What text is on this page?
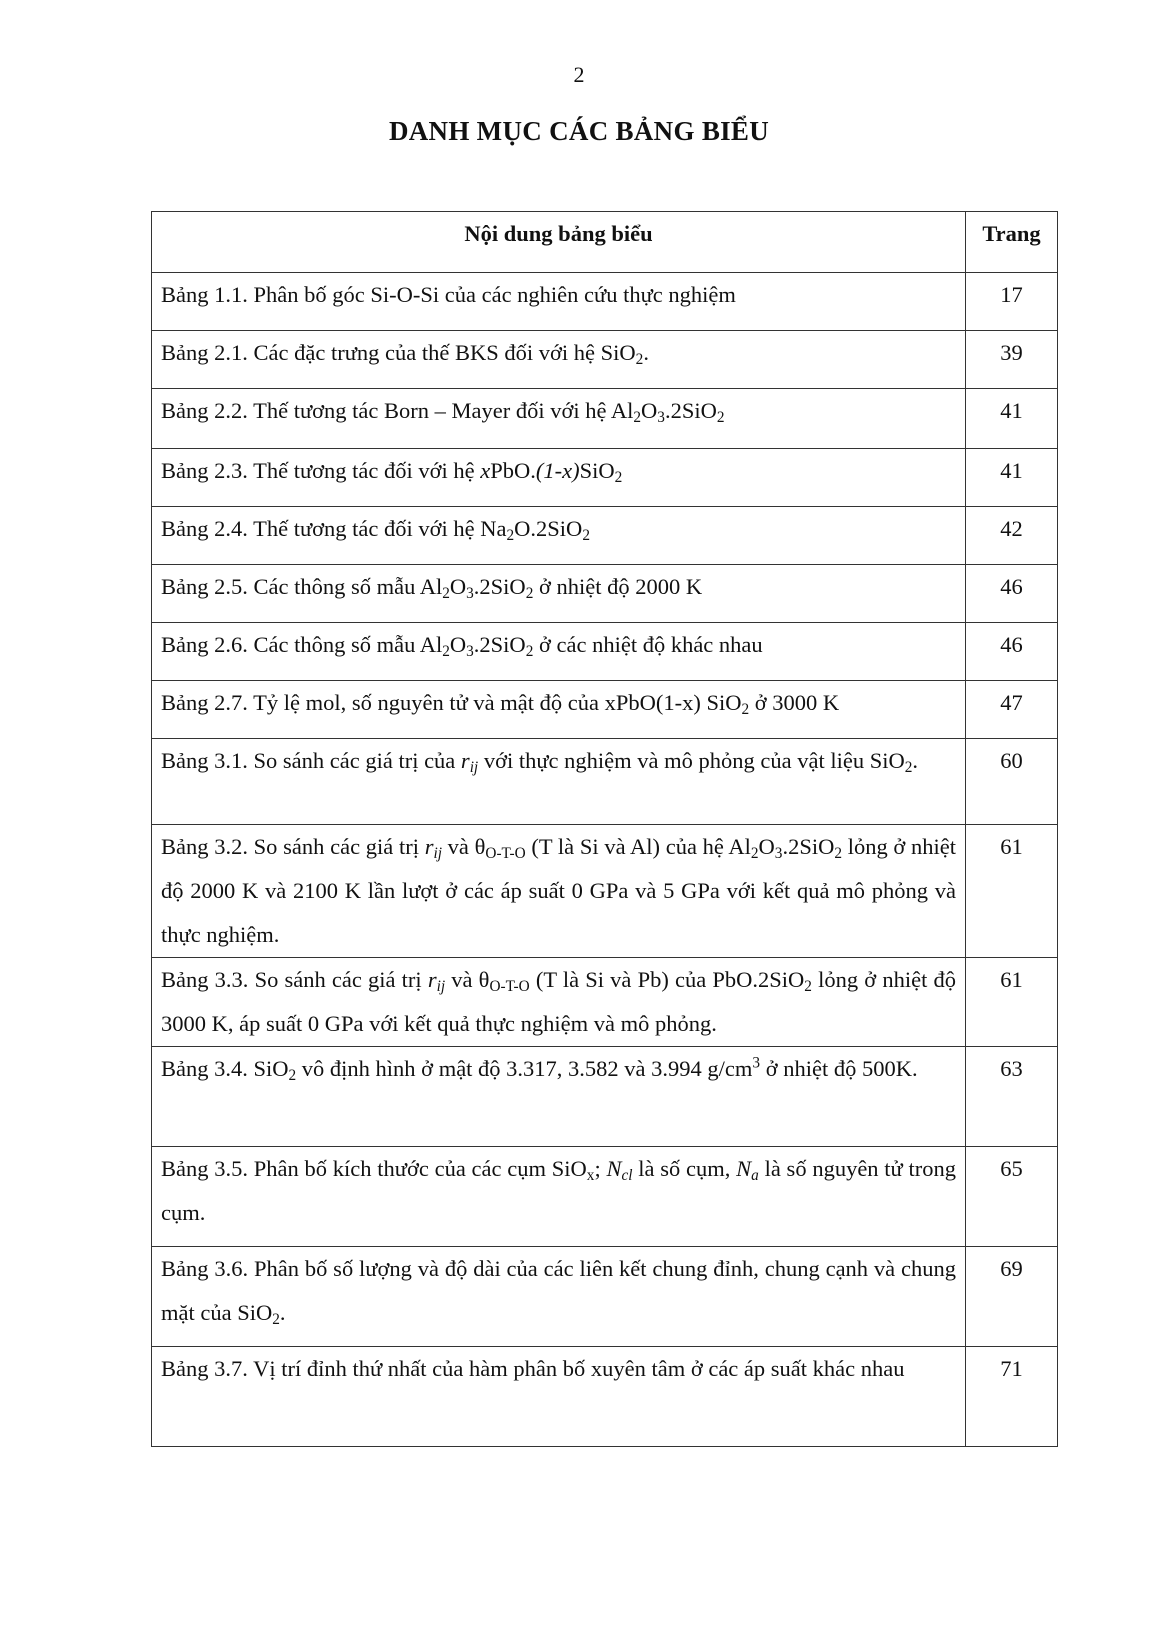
2
DANH MỤC CÁC BẢNG BIỂU
Nội dung bảng biểu	Trang
Bảng 1.1. Phân bố góc Si-O-Si của các nghiên cứu thực nghiệm	17
Bảng 2.1. Các đặc trưng của thế BKS đối với hệ SiO$_2$.	39
Bảng 2.2. Thế tương tác Born – Mayer đối với hệ $Al_2O_3.2SiO_2$	41
Bảng 2.3. Thế tương tác đối với hệ xPbO.(1-x)SiO$_2$	41
Bảng 2.4. Thế tương tác đối với hệ $Na_2O.2SiO_2$	42
Bảng 2.5. Các thông số mẫu $Al_2O_3.2SiO_2$ ở nhiệt độ 2000 K	46
Bảng 2.6. Các thông số mẫu $Al_2O_3.2SiO_2$ ở các nhiệt độ khác nhau	46
Bảng 2.7. Tỷ lệ mol, số nguyên tử và mật độ của xPbO(1-x) SiO$_2$ ở 3000 K	47
Bảng 3.1. So sánh các giá trị của $r_{ij}$ với thực nghiệm và mô phỏng của vật liệu SiO$_2$.	60
Bảng 3.2. So sánh các giá trị $r_{ij}$ và $\theta_{O-T-O}$ (T là Si và Al) của hệ $Al_2O_3.2SiO_2$ lỏng ở nhiệt độ 2000 K và 2100 K lần lượt ở các áp suất 0 GPa và 5 GPa với kết quả mô phỏng và thực nghiệm.	61
Bảng 3.3. So sánh các giá trị $r_{ij}$ và $\theta_{O-T-O}$ (T là Si và Pb) của PbO.2SiO$_2$ lỏng ở nhiệt độ 3000 K, áp suất 0 GPa với kết quả thực nghiệm và mô phỏng.	61
Bảng 3.4. SiO$_2$ vô định hình ở mật độ 3.317, 3.582 và 3.994 $g/cm^3$ ở nhiệt độ 500K.	63
Bảng 3.5. Phân bố kích thước của các cụm SiO$_x$; $N_{cl}$ là số cụm, $N_a$ là số nguyên tử trong cụm.	65
Bảng 3.6. Phân bố số lượng và độ dài của các liên kết chung đỉnh, chung cạnh và chung mặt của SiO$_2$.	69
Bảng 3.7. Vị trí đỉnh thứ nhất của hàm phân bố xuyên tâm ở các áp suất khác nhau	71
